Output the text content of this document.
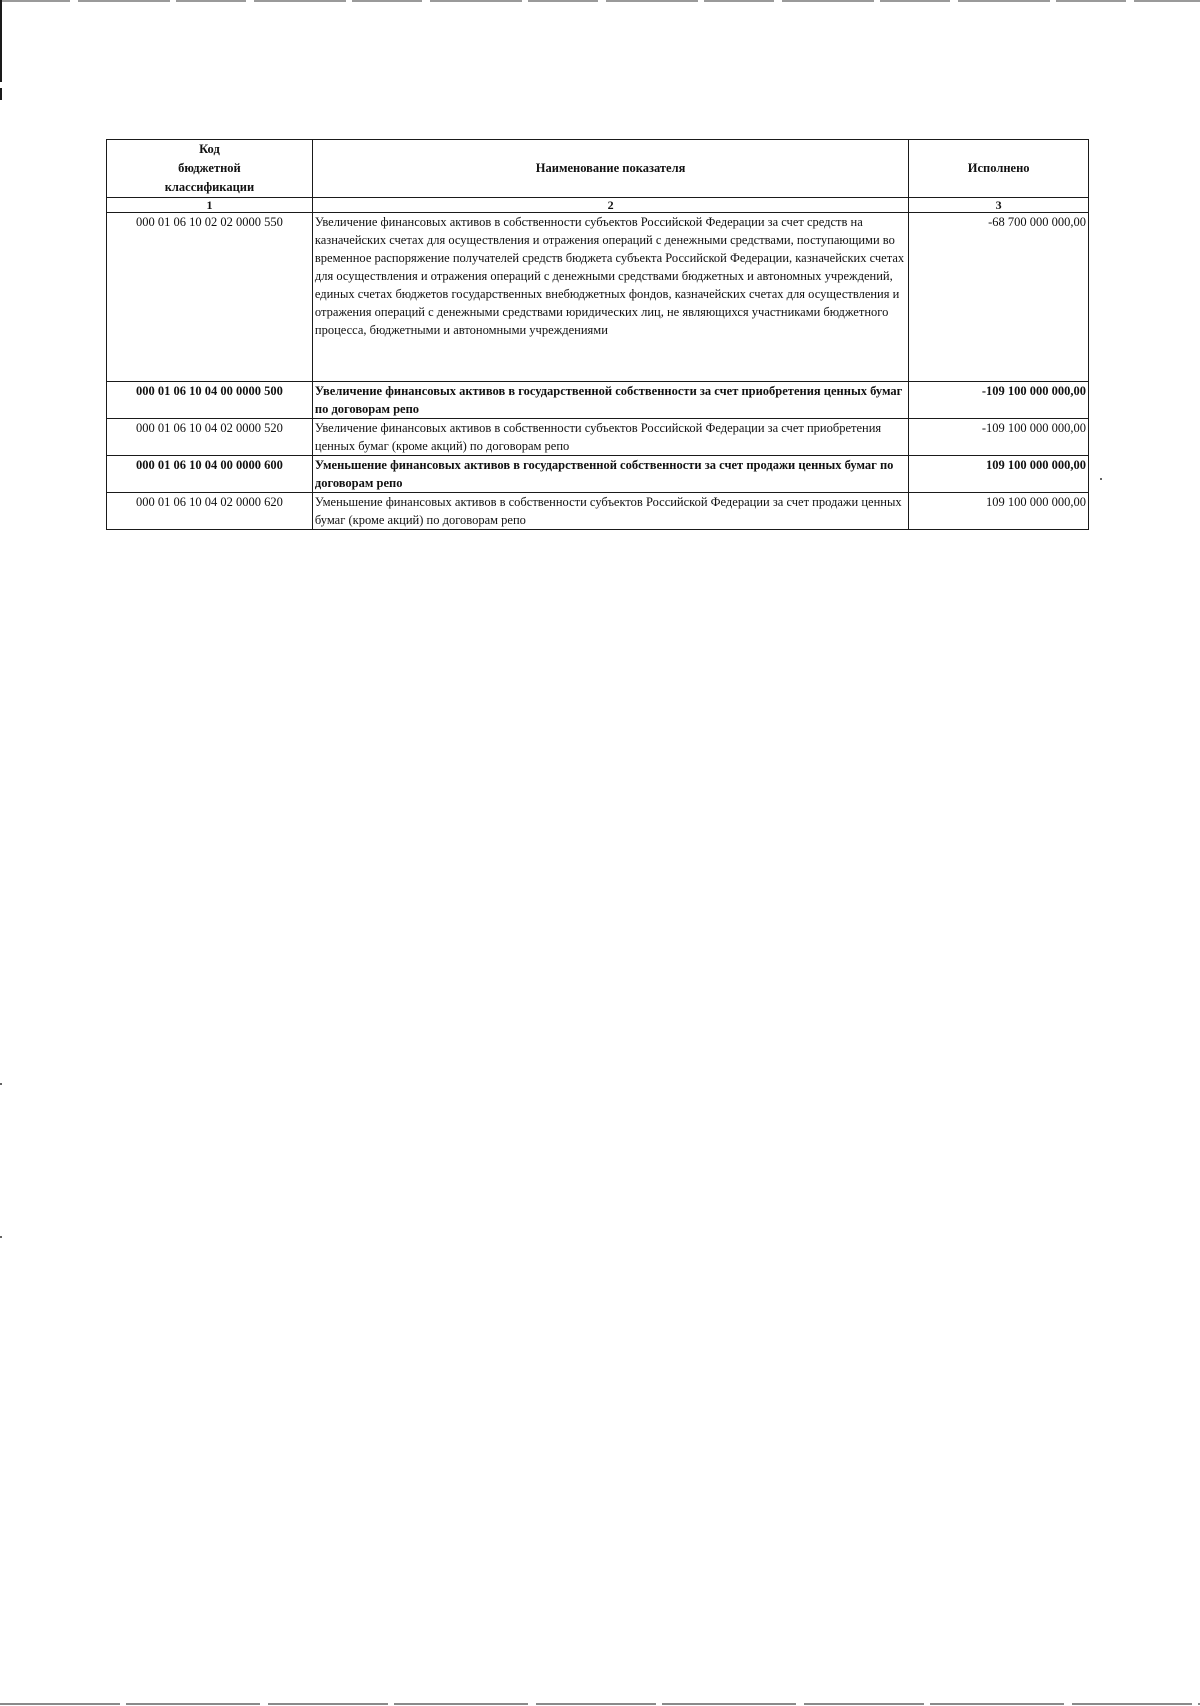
Код
бюджетной
классификации	Наименование показателя	Исполнено
1	2	3
000 01 06 10 02 02 0000 550	Увеличение финансовых активов в собственности субъектов Российской Федерации за счет средств на казначейских счетах для осуществления и отражения операций с денежными средствами, поступающими во временное распоряжение получателей средств бюджета субъекта Российской Федерации, казначейских счетах для осуществления и отражения операций с денежными средствами бюджетных и автономных учреждений, единых счетах бюджетов государственных внебюджетных фондов, казначейских счетах для осуществления и отражения операций с денежными средствами юридических лиц, не являющихся участниками бюджетного процесса, бюджетными и автономными учреждениями	-68 700 000 000,00
000 01 06 10 04 00 0000 500	Увеличение финансовых активов в государственной собственности за счет приобретения ценных бумаг по договорам репо	-109 100 000 000,00
000 01 06 10 04 02 0000 520	Увеличение финансовых активов в собственности субъектов Российской Федерации за счет приобретения ценных бумаг (кроме акций) по договорам репо	-109 100 000 000,00
000 01 06 10 04 00 0000 600	Уменьшение финансовых активов в государственной собственности за счет продажи ценных бумаг по договорам репо	109 100 000 000,00
000 01 06 10 04 02 0000 620	Уменьшение финансовых активов в собственности субъектов Российской Федерации за счет продажи ценных бумаг (кроме акций) по договорам репо	109 100 000 000,00
